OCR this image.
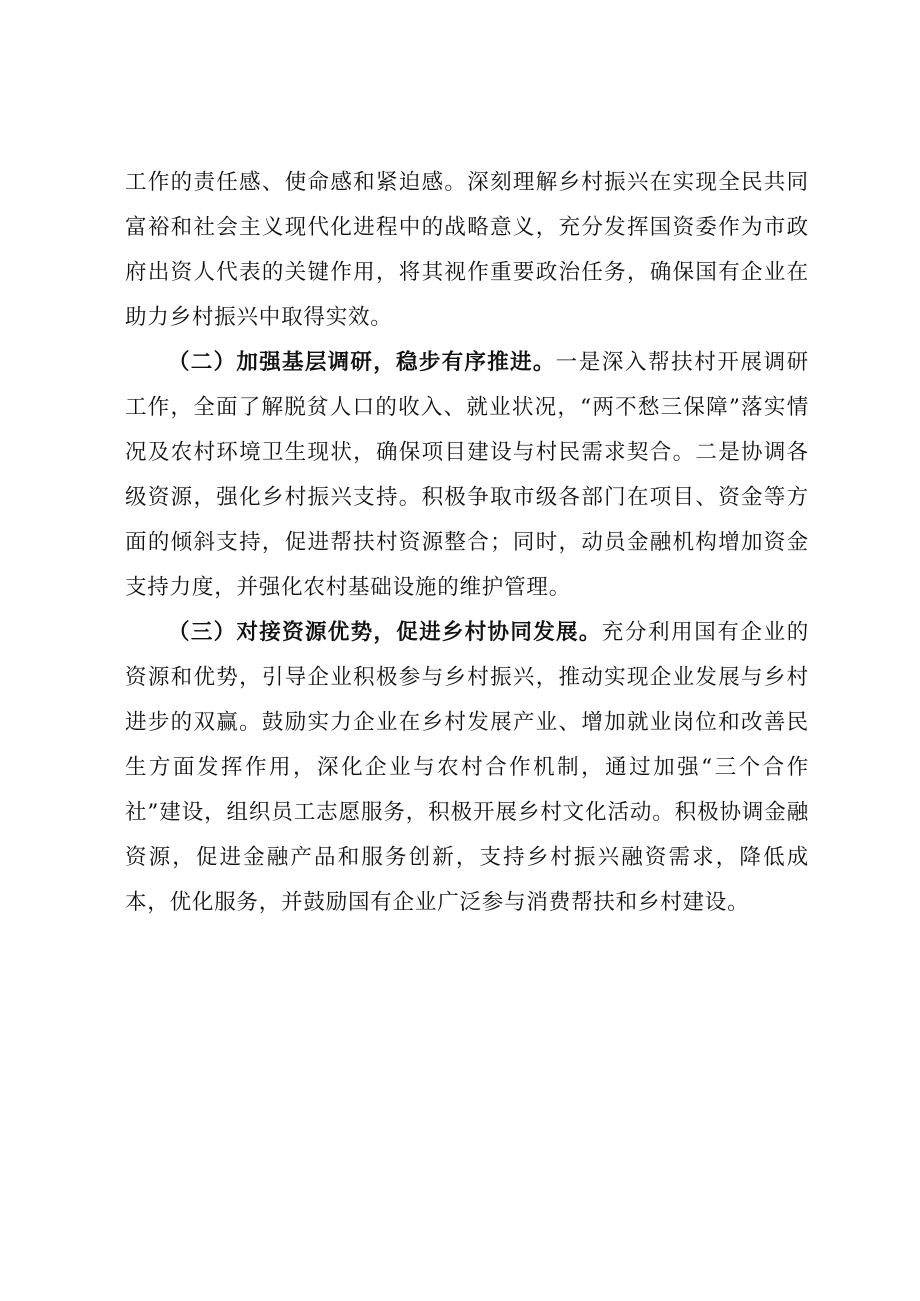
工作的责任感、使命感和紧迫感。深刻理解乡村振兴在实现全民共同富裕和社会主义现代化进程中的战略意义，充分发挥国资委作为市政府出资人代表的关键作用，将其视作重要政治任务，确保国有企业在助力乡村振兴中取得实效。

（二）加强基层调研，稳步有序推进。一是深入帮扶村开展调研工作，全面了解脱贫人口的收入、就业状况，“两不愁三保障”落实情况及农村环境卫生现状，确保项目建设与村民需求契合。二是协调各级资源，强化乡村振兴支持。积极争取市级各部门在项目、资金等方面的倾斜支持，促进帮扶村资源整合；同时，动员金融机构增加资金支持力度，并强化农村基础设施的维护管理。

（三）对接资源优势，促进乡村协同发展。充分利用国有企业的资源和优势，引导企业积极参与乡村振兴，推动实现企业发展与乡村进步的双赢。鼓励实力企业在乡村发展产业、增加就业岗位和改善民生方面发挥作用，深化企业与农村合作机制，通过加强“三个合作社”建设，组织员工志愿服务，积极开展乡村文化活动。积极协调金融资源，促进金融产品和服务创新，支持乡村振兴融资需求，降低成本，优化服务，并鼓励国有企业广泛参与消费帮扶和乡村建设。
